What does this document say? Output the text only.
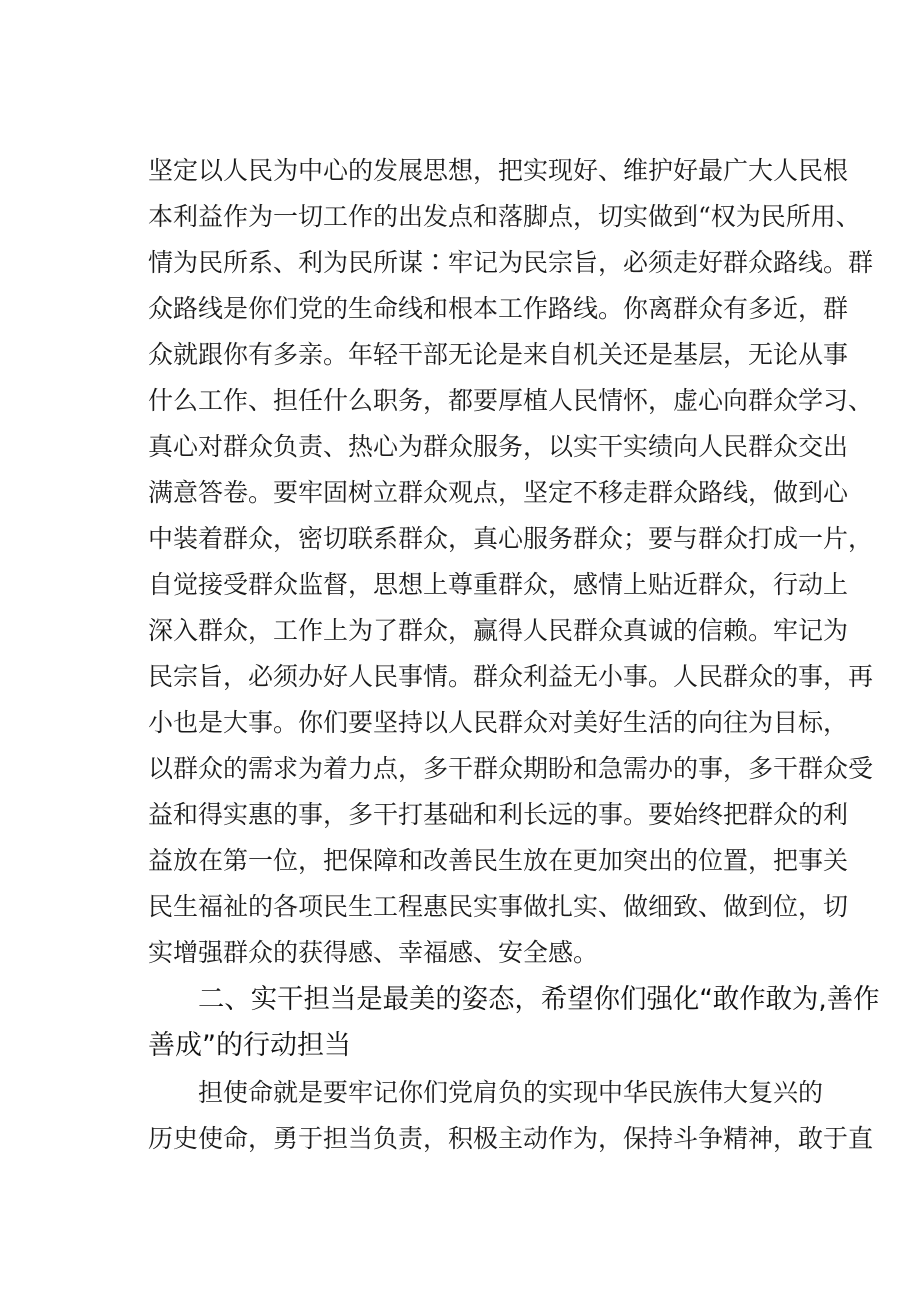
坚定以人民为中心的发展思想，把实现好、维护好最广大人民根
本利益作为一切工作的出发点和落脚点，切实做到“权为民所用、
情为民所系、利为民所谋∶牢记为民宗旨，必须走好群众路线。群
众路线是你们党的生命线和根本工作路线。你离群众有多近，群
众就跟你有多亲。年轻干部无论是来自机关还是基层，无论从事
什么工作、担任什么职务，都要厚植人民情怀，虚心向群众学习、
真心对群众负责、热心为群众服务，以实干实绩向人民群众交出
满意答卷。要牢固树立群众观点，坚定不移走群众路线，做到心
中装着群众，密切联系群众，真心服务群众；要与群众打成一片，
自觉接受群众监督，思想上尊重群众，感情上贴近群众，行动上
深入群众，工作上为了群众，赢得人民群众真诚的信赖。牢记为
民宗旨，必须办好人民事情。群众利益无小事。人民群众的事，再
小也是大事。你们要坚持以人民群众对美好生活的向往为目标，
以群众的需求为着力点，多干群众期盼和急需办的事，多干群众受
益和得实惠的事，多干打基础和利长远的事。要始终把群众的利
益放在第一位，把保障和改善民生放在更加突出的位置，把事关
民生福祉的各项民生工程惠民实事做扎实、做细致、做到位，切
实增强群众的获得感、幸福感、安全感。
二、实干担当是最美的姿态，希望你们强化“敢作敢为,善作
善成”的行动担当
担使命就是要牢记你们党肩负的实现中华民族伟大复兴的
历史使命，勇于担当负责，积极主动作为，保持斗争精神，敢于直
